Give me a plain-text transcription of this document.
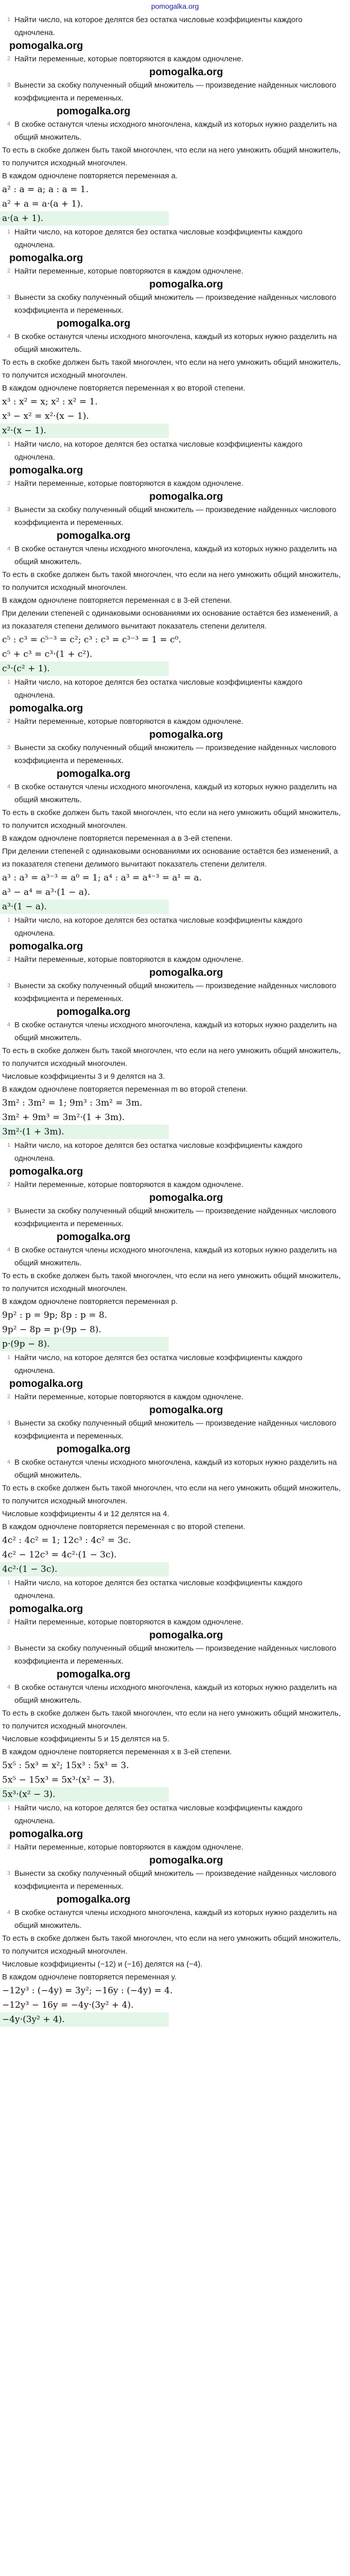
pomogalka.org
1 Найти число, на которое делятся без остатка числовые коэффициенты каждого одночлена.
pomogalka.org
2 Найти переменные, которые повторяются в каждом одночлене.
pomogalka.org
3 Вынести за скобку полученный общий множитель — произведение найденных числового коэффициента и переменных.
pomogalka.org
4 В скобке останутся члены исходного многочлена, каждый из которых нужно разделить на общий множитель.
То есть в скобке должен быть такой многочлен, что если на него умножить общий множитель, то получится исходный многочлен.
В каждом одночлене повторяется переменная a.
a² : a = a; a : a = 1.
a² + a = a·(a + 1).
a·(a + 1).
1 Найти число, на которое делятся без остатка числовые коэффициенты каждого одночлена.
pomogalka.org
2 Найти переменные, которые повторяются в каждом одночлене.
pomogalka.org
3 Вынести за скобку полученный общий множитель — произведение найденных числового коэффициента и переменных.
pomogalka.org
4 В скобке останутся члены исходного многочлена, каждый из которых нужно разделить на общий множитель.
То есть в скобке должен быть такой многочлен, что если на него умножить общий множитель, то получится исходный многочлен.
В каждом одночлене повторяется переменная x во второй степени.
x³ : x² = x; x² : x² = 1.
x³ − x² = x²·(x − 1).
x²·(x − 1).
1 Найти число, на которое делятся без остатка числовые коэффициенты каждого одночлена.
pomogalka.org
2 Найти переменные, которые повторяются в каждом одночлене.
pomogalka.org
3 Вынести за скобку полученный общий множитель — произведение найденных числового коэффициента и переменных.
pomogalka.org
4 В скобке останутся члены исходного многочлена, каждый из которых нужно разделить на общий множитель.
То есть в скобке должен быть такой многочлен, что если на него умножить общий множитель, то получится исходный многочлен.
В каждом одночлене повторяется переменная c в 3-ей степени.
При делении степеней с одинаковыми основаниями их основание остаётся без изменений, а из показателя степени делимого вычитают показатель степени делителя.
c⁵ : c³ = c⁵⁻³ = c²; c³ : c³ = c³⁻³ = 1 = c⁰.
c⁵ + c³ = c³·(1 + c²).
c³·(c² + 1).
1 Найти число, на которое делятся без остатка числовые коэффициенты каждого одночлена.
pomogalka.org
2 Найти переменные, которые повторяются в каждом одночлене.
pomogalka.org
3 Вынести за скобку полученный общий множитель — произведение найденных числового коэффициента и переменных.
pomogalka.org
4 В скобке останутся члены исходного многочлена, каждый из которых нужно разделить на общий множитель.
То есть в скобке должен быть такой многочлен, что если на него умножить общий множитель, то получится исходный многочлен.
В каждом одночлене повторяется переменная a в 3-ей степени.
При делении степеней с одинаковыми основаниями их основание остаётся без изменений, а из показателя степени делимого вычитают показатель степени делителя.
a³ : a³ = a³⁻³ = a⁰ = 1; a⁴ : a³ = a⁴⁻³ = a¹ = a.
a³ − a⁴ = a³·(1 − a).
a³·(1 − a).
1 Найти число, на которое делятся без остатка числовые коэффициенты каждого одночлена.
pomogalka.org
2 Найти переменные, которые повторяются в каждом одночлене.
pomogalka.org
3 Вынести за скобку полученный общий множитель — произведение найденных числового коэффициента и переменных.
pomogalka.org
4 В скобке останутся члены исходного многочлена, каждый из которых нужно разделить на общий множитель.
То есть в скобке должен быть такой многочлен, что если на него умножить общий множитель, то получится исходный многочлен.
Числовые коэффициенты 3 и 9 делятся на 3.
В каждом одночлене повторяется переменная m во второй степени.
3m² : 3m² = 1; 9m³ : 3m² = 3m.
3m² + 9m³ = 3m²·(1 + 3m).
3m²·(1 + 3m).
1 Найти число, на которое делятся без остатка числовые коэффициенты каждого одночлена.
pomogalka.org
2 Найти переменные, которые повторяются в каждом одночлене.
pomogalka.org
3 Вынести за скобку полученный общий множитель — произведение найденных числового коэффициента и переменных.
pomogalka.org
4 В скобке останутся члены исходного многочлена, каждый из которых нужно разделить на общий множитель.
То есть в скобке должен быть такой многочлен, что если на него умножить общий множитель, то получится исходный многочлен.
В каждом одночлене повторяется переменная p.
9p² : p = 9p; 8p : p = 8.
9p² − 8p = p·(9p − 8).
p·(9p − 8).
1 Найти число, на которое делятся без остатка числовые коэффициенты каждого одночлена.
pomogalka.org
2 Найти переменные, которые повторяются в каждом одночлене.
pomogalka.org
3 Вынести за скобку полученный общий множитель — произведение найденных числового коэффициента и переменных.
pomogalka.org
4 В скобке останутся члены исходного многочлена, каждый из которых нужно разделить на общий множитель.
То есть в скобке должен быть такой многочлен, что если на него умножить общий множитель, то получится исходный многочлен.
Числовые коэффициенты 4 и 12 делятся на 4.
В каждом одночлене повторяется переменная c во второй степени.
4c² : 4c² = 1; 12c³ : 4c² = 3c.
4c² − 12c³ = 4c²·(1 − 3c).
4c²·(1 − 3c).
1 Найти число, на которое делятся без остатка числовые коэффициенты каждого одночлена.
pomogalka.org
2 Найти переменные, которые повторяются в каждом одночлене.
pomogalka.org
3 Вынести за скобку полученный общий множитель — произведение найденных числового коэффициента и переменных.
pomogalka.org
4 В скобке останутся члены исходного многочлена, каждый из которых нужно разделить на общий множитель.
То есть в скобке должен быть такой многочлен, что если на него умножить общий множитель, то получится исходный многочлен.
Числовые коэффициенты 5 и 15 делятся на 5.
В каждом одночлене повторяется переменная x в 3-ей степени.
5x⁵ : 5x³ = x²; 15x³ : 5x³ = 3.
5x⁵ − 15x³ = 5x³·(x² − 3).
5x³·(x² − 3).
1 Найти число, на которое делятся без остатка числовые коэффициенты каждого одночлена.
pomogalka.org
2 Найти переменные, которые повторяются в каждом одночлене.
pomogalka.org
3 Вынести за скобку полученный общий множитель — произведение найденных числового коэффициента и переменных.
pomogalka.org
4 В скобке останутся члены исходного многочлена, каждый из которых нужно разделить на общий множитель.
То есть в скобке должен быть такой многочлен, что если на него умножить общий множитель, то получится исходный многочлен.
Числовые коэффициенты (−12) и (−16) делятся на (−4).
В каждом одночлене повторяется переменная y.
−12y³ : (−4y) = 3y²; −16y : (−4y) = 4.
−12y³ − 16y = −4y·(3y² + 4).
−4y·(3y² + 4).
